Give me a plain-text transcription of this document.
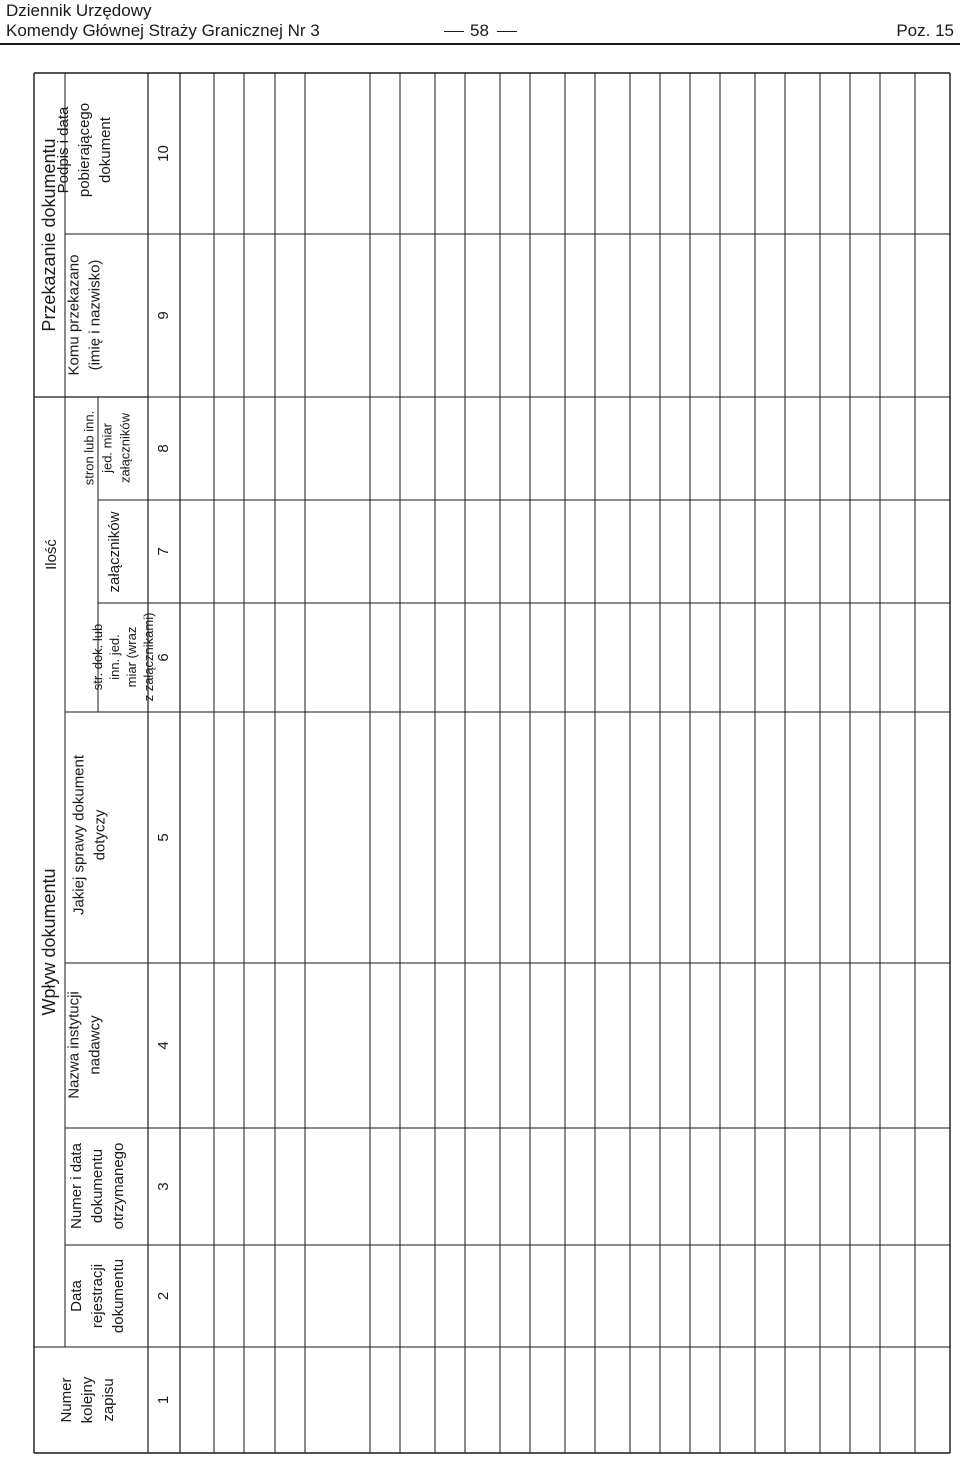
Dziennik Urzędowy
Komendy Głównej Straży Granicznej Nr 3	58	Poz. 15
Wpływ dokumentu
Przekazanie dokumentu
Ilość
Numer kolejny zapisu	1
Data rejestracji dokumentu 2
Numer i data dokumentu otrzymanego 3
Nazwa instytucji nadawcy	4
Jakiej sprawy dokument dotyczy	5
str. dok. lub inn. jed. miar (wraz z załącznikami) 6
załączników 7
stron lub inn. jed. miar załączników 8
Komu przekazano (imię i nazwisko)	9
Podpis i data pobierającego dokument	10
